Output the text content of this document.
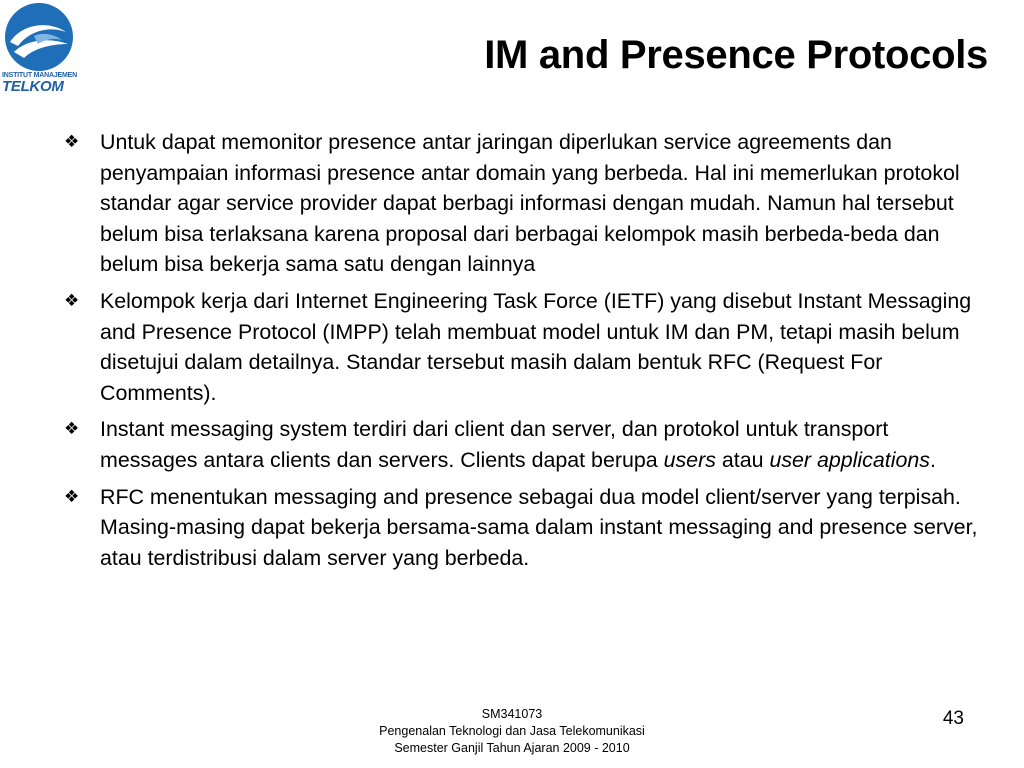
INSTITUT MANAJEMEN
TELKOM
IM and Presence Protocols
❖ Untuk dapat memonitor presence antar jaringan diperlukan service agreements dan penyampaian informasi presence antar domain yang berbeda. Hal ini memerlukan protokol standar agar service provider dapat berbagi informasi dengan mudah. Namun hal tersebut belum bisa terlaksana karena proposal dari berbagai kelompok masih berbeda-beda dan belum bisa bekerja sama satu dengan lainnya
❖ Kelompok kerja dari Internet Engineering Task Force (IETF) yang disebut Instant Messaging and Presence Protocol (IMPP) telah membuat model untuk IM dan PM, tetapi masih belum disetujui dalam detailnya. Standar tersebut masih dalam bentuk RFC (Request For Comments).
❖ Instant messaging system terdiri dari client dan server, dan protokol untuk transport messages antara clients dan servers. Clients dapat berupa users atau user applications.
❖ RFC menentukan messaging and presence sebagai dua model client/server yang terpisah. Masing-masing dapat bekerja bersama-sama dalam instant messaging and presence server, atau terdistribusi dalam server yang berbeda.
SM341073
Pengenalan Teknologi dan Jasa Telekomunikasi
Semester Ganjil Tahun Ajaran 2009 - 2010
43
